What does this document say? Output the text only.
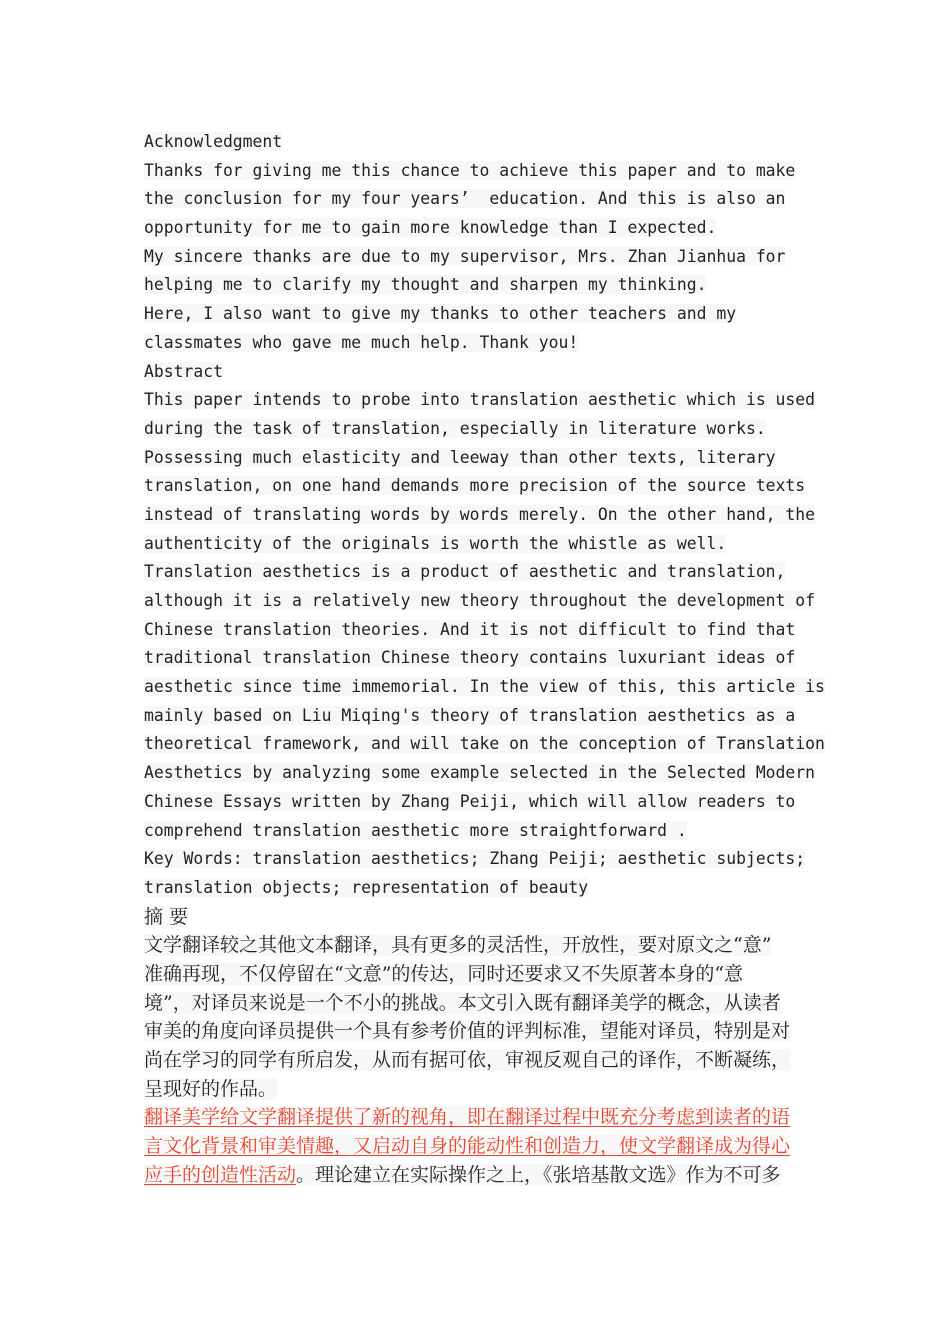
Acknowledgment
Thanks for giving me this chance to achieve this paper and to make
the conclusion for my four years’  education. And this is also an
opportunity for me to gain more knowledge than I expected.
My sincere thanks are due to my supervisor, Mrs. Zhan Jianhua for
helping me to clarify my thought and sharpen my thinking.
Here, I also want to give my thanks to other teachers and my
classmates who gave me much help. Thank you!
Abstract
This paper intends to probe into translation aesthetic which is used
during the task of translation, especially in literature works.
Possessing much elasticity and leeway than other texts, literary
translation, on one hand demands more precision of the source texts
instead of translating words by words merely. On the other hand, the
authenticity of the originals is worth the whistle as well.
Translation aesthetics is a product of aesthetic and translation,
although it is a relatively new theory throughout the development of
Chinese translation theories. And it is not difficult to find that
traditional translation Chinese theory contains luxuriant ideas of
aesthetic since time immemorial. In the view of this, this article is
mainly based on Liu Miqing's theory of translation aesthetics as a
theoretical framework, and will take on the conception of Translation
Aesthetics by analyzing some example selected in the Selected Modern
Chinese Essays written by Zhang Peiji, which will allow readers to
comprehend translation aesthetic more straightforward .
Key Words: translation aesthetics; Zhang Peiji; aesthetic subjects;
translation objects; representation of beauty
摘 要
文学翻译较之其他文本翻译，具有更多的灵活性，开放性，要对原文之“意”
准确再现，不仅停留在“文意”的传达，同时还要求又不失原著本身的“意
境”，对译员来说是一个不小的挑战。本文引入既有翻译美学的概念，从读者
审美的角度向译员提供一个具有参考价值的评判标准，望能对译员，特别是对
尚在学习的同学有所启发，从而有据可依，审视反观自己的译作，不断凝练，
呈现好的作品。
翻译美学给文学翻译提供了新的视角，即在翻译过程中既充分考虑到读者的语
言文化背景和审美情趣，又启动自身的能动性和创造力，使文学翻译成为得心
应手的创造性活动。理论建立在实际操作之上，《张培基散文选》作为不可多
